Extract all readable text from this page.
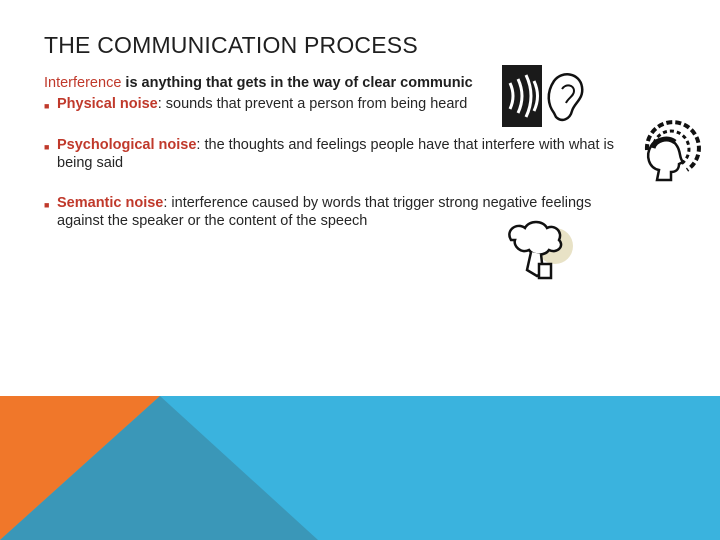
THE COMMUNICATION PROCESS
Interference is anything that gets in the way of clear communic
■ Physical noise: sounds that prevent a person from being heard
■ Psychological noise: the thoughts and feelings people have that interfere with what is being said
■ Semantic noise: interference caused by words that trigger strong negative feelings against the speaker or the content of the speech
